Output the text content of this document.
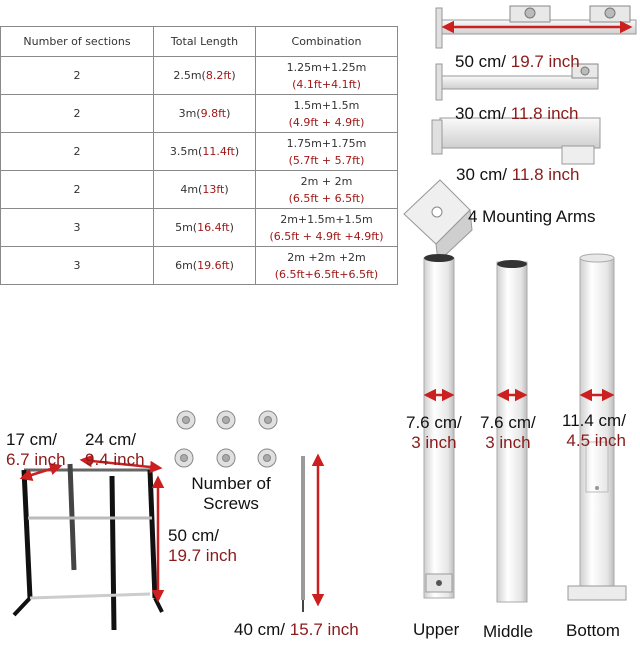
Number of sections	Total Length	Combination
2	2.5m(8.2ft)	1.25m+1.25m
(4.1ft+4.1ft)

2	3m(9.8ft)	1.5m+1.5m
(4.9ft + 4.9ft)

2	3.5m(11.4ft)	1.75m+1.75m
(5.7ft + 5.7ft)

2	4m(13ft)	2m + 2m
(6.5ft + 6.5ft)

3	5m(16.4ft)	2m+1.5m+1.5m
(6.5ft + 4.9ft +4.9ft)

3	6m(19.6ft)	2m +2m +2m
(6.5ft+6.5ft+6.5ft)
50 cm/ 19.7 inch
30 cm/ 11.8 inch
30 cm/ 11.8 inch
4 Mounting Arms
7.6 cm/
3 inch
7.6 cm/
3 inch
11.4 cm/
4.5 inch
Upper Middle Bottom
17 cm/
6.7 inch
24 cm/
9.4 inch
50 cm/
19.7 inch
Number of
Screws
40 cm/ 15.7 inch
